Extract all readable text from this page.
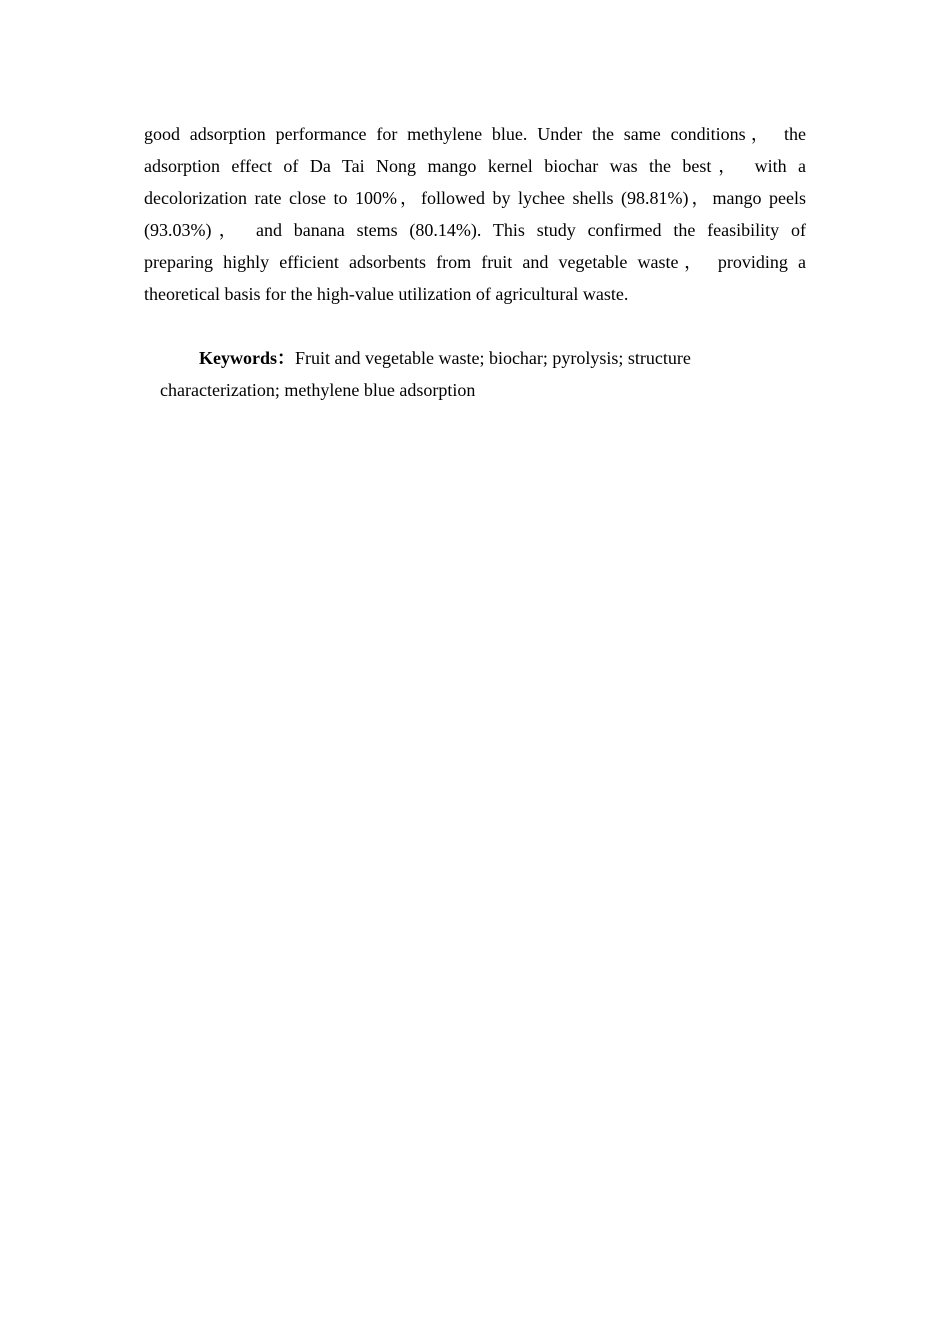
good adsorption performance for methylene blue. Under the same conditions， the
adsorption effect of Da Tai Nong mango kernel biochar was the best， with a
decolorization rate close to 100%，followed by lychee shells (98.81%)，mango peels
(93.03%)， and banana stems (80.14%). This study confirmed the feasibility of
preparing highly efficient adsorbents from fruit and vegetable waste， providing a
theoretical basis for the high-value utilization of agricultural waste.
Keywords：Fruit and vegetable waste; biochar; pyrolysis; structure
characterization; methylene blue adsorption
